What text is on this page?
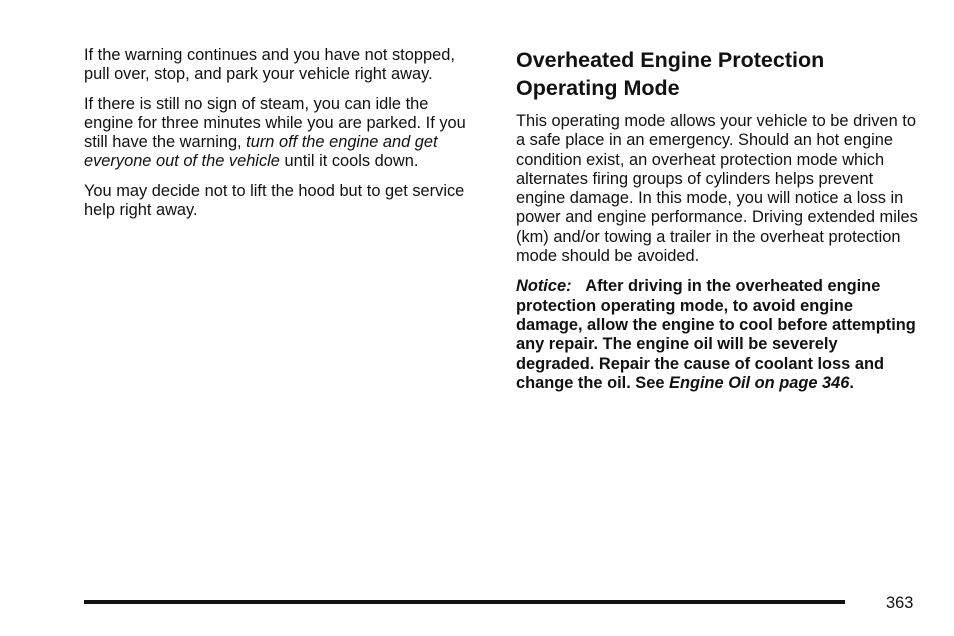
If the warning continues and you have not stopped, pull over, stop, and park your vehicle right away.

If there is still no sign of steam, you can idle the engine for three minutes while you are parked. If you still have the warning, turn off the engine and get everyone out of the vehicle until it cools down.

You may decide not to lift the hood but to get service help right away.

Overheated Engine Protection Operating Mode

This operating mode allows your vehicle to be driven to a safe place in an emergency. Should an hot engine condition exist, an overheat protection mode which alternates firing groups of cylinders helps prevent engine damage. In this mode, you will notice a loss in power and engine performance. Driving extended miles (km) and/or towing a trailer in the overheat protection mode should be avoided.

Notice: After driving in the overheated engine protection operating mode, to avoid engine damage, allow the engine to cool before attempting any repair. The engine oil will be severely degraded. Repair the cause of coolant loss and change the oil. See Engine Oil on page 346.

363
